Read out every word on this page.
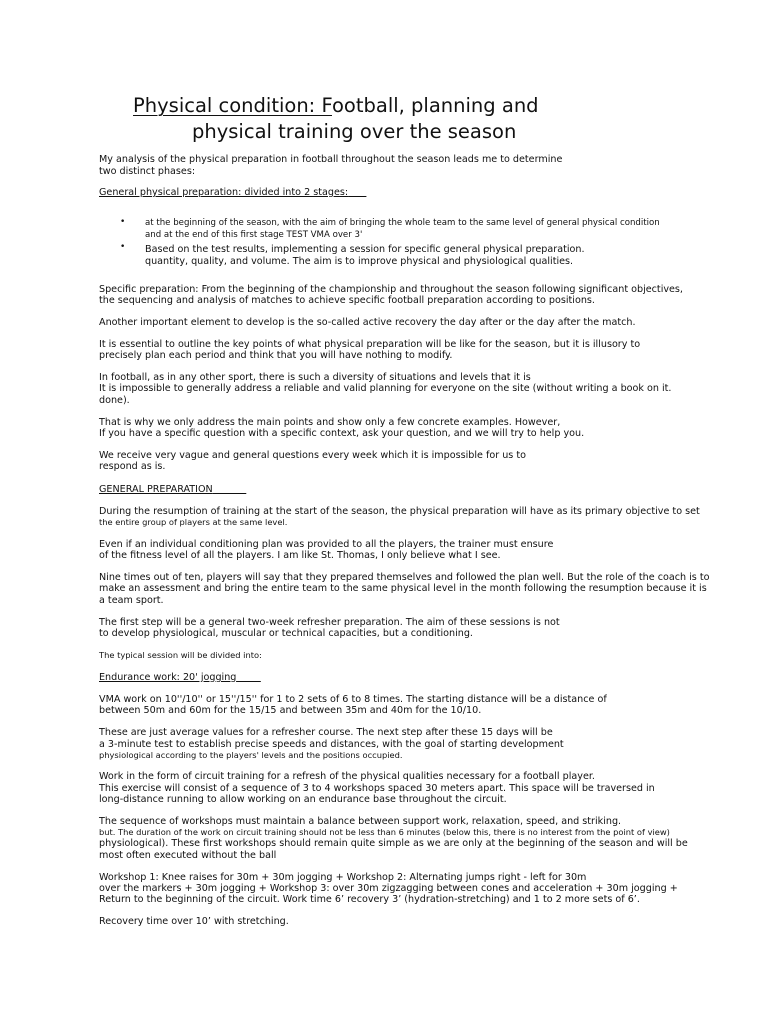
Physical condition: Football, planning and
physical training over the season
My analysis of the physical preparation in football throughout the season leads me to determine
two distinct phases:
General physical preparation: divided into 2 stages:
• at the beginning of the season, with the aim of bringing the whole team to the same level of general physical condition
and at the end of this first stage TEST VMA over 3'
• Based on the test results, implementing a session for specific general physical preparation.
quantity, quality, and volume. The aim is to improve physical and physiological qualities.
Specific preparation: From the beginning of the championship and throughout the season following significant objectives,
the sequencing and analysis of matches to achieve specific football preparation according to positions.
Another important element to develop is the so-called active recovery the day after or the day after the match.
It is essential to outline the key points of what physical preparation will be like for the season, but it is illusory to
precisely plan each period and think that you will have nothing to modify.
In football, as in any other sport, there is such a diversity of situations and levels that it is
It is impossible to generally address a reliable and valid planning for everyone on the site (without writing a book on it.
done).
That is why we only address the main points and show only a few concrete examples. However,
If you have a specific question with a specific context, ask your question, and we will try to help you.
We receive very vague and general questions every week which it is impossible for us to
respond as is.
GENERAL PREPARATION
During the resumption of training at the start of the season, the physical preparation will have as its primary objective to set
the entire group of players at the same level.
Even if an individual conditioning plan was provided to all the players, the trainer must ensure
of the fitness level of all the players. I am like St. Thomas, I only believe what I see.
Nine times out of ten, players will say that they prepared themselves and followed the plan well. But the role of the coach is to
make an assessment and bring the entire team to the same physical level in the month following the resumption because it is
a team sport.
The first step will be a general two-week refresher preparation. The aim of these sessions is not
to develop physiological, muscular or technical capacities, but a conditioning.
The typical session will be divided into:
Endurance work: 20' jogging
VMA work on 10''/10'' or 15''/15'' for 1 to 2 sets of 6 to 8 times. The starting distance will be a distance of
between 50m and 60m for the 15/15 and between 35m and 40m for the 10/10.
These are just average values for a refresher course. The next step after these 15 days will be
a 3-minute test to establish precise speeds and distances, with the goal of starting development
physiological according to the players' levels and the positions occupied.
Work in the form of circuit training for a refresh of the physical qualities necessary for a football player.
This exercise will consist of a sequence of 3 to 4 workshops spaced 30 meters apart. This space will be traversed in
long-distance running to allow working on an endurance base throughout the circuit.
The sequence of workshops must maintain a balance between support work, relaxation, speed, and striking.
but. The duration of the work on circuit training should not be less than 6 minutes (below this, there is no interest from the point of view)
physiological). These first workshops should remain quite simple as we are only at the beginning of the season and will be
most often executed without the ball
Workshop 1: Knee raises for 30m + 30m jogging + Workshop 2: Alternating jumps right - left for 30m
over the markers + 30m jogging + Workshop 3: over 30m zigzagging between cones and acceleration + 30m jogging +
Return to the beginning of the circuit. Work time 6’ recovery 3’ (hydration-stretching) and 1 to 2 more sets of 6’.
Recovery time over 10’ with stretching.
